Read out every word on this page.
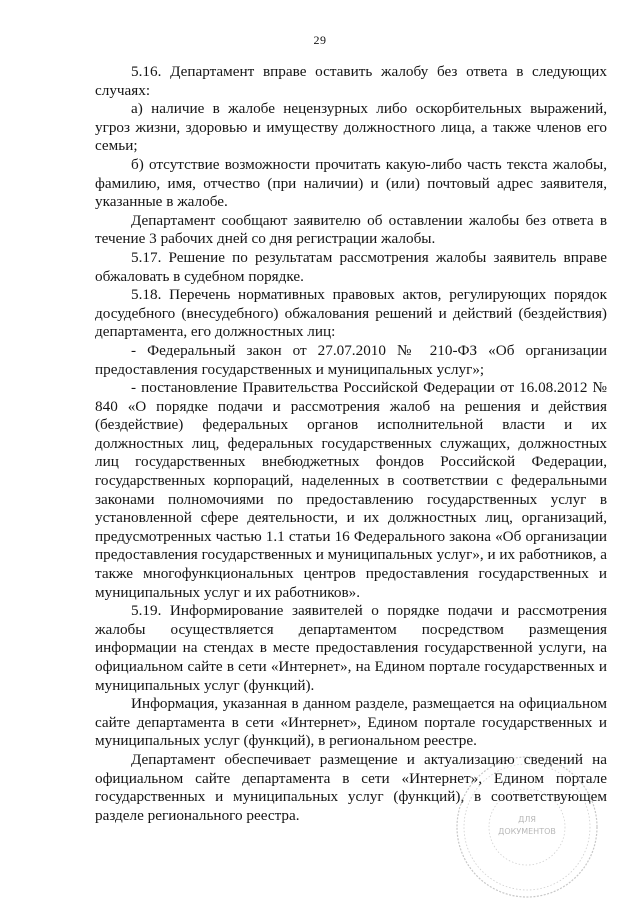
29

5.16. Департамент вправе оставить жалобу без ответа в следующих случаях:

а) наличие в жалобе нецензурных либо оскорбительных выражений, угроз жизни, здоровью и имуществу должностного лица, а также членов его семьи;

б) отсутствие возможности прочитать какую-либо часть текста жалобы, фамилию, имя, отчество (при наличии) и (или) почтовый адрес заявителя, указанные в жалобе.

Департамент сообщают заявителю об оставлении жалобы без ответа в течение 3 рабочих дней со дня регистрации жалобы.

5.17. Решение по результатам рассмотрения жалобы заявитель вправе обжаловать в судебном порядке.

5.18. Перечень нормативных правовых актов, регулирующих порядок досудебного (внесудебного) обжалования решений и действий (бездействия) департамента, его должностных лиц:

- Федеральный закон от 27.07.2010 № 210-ФЗ «Об организации предоставления государственных и муниципальных услуг»;

- постановление Правительства Российской Федерации от 16.08.2012 № 840 «О порядке подачи и рассмотрения жалоб на решения и действия (бездействие) федеральных органов исполнительной власти и их должностных лиц, федеральных государственных служащих, должностных лиц государственных внебюджетных фондов Российской Федерации, государственных корпораций, наделенных в соответствии с федеральными законами полномочиями по предоставлению государственных услуг в установленной сфере деятельности, и их должностных лиц, организаций, предусмотренных частью 1.1 статьи 16 Федерального закона «Об организации предоставления государственных и муниципальных услуг», и их работников, а также многофункциональных центров предоставления государственных и муниципальных услуг и их работников».

5.19. Информирование заявителей о порядке подачи и рассмотрения жалобы осуществляется департаментом посредством размещения информации на стендах в месте предоставления государственной услуги, на официальном сайте в сети «Интернет», на Едином портале государственных и муниципальных услуг (функций).

Информация, указанная в данном разделе, размещается на официальном сайте департамента в сети «Интернет», Едином портале государственных и муниципальных услуг (функций), в региональном реестре.

Департамент обеспечивает размещение и актуализацию сведений на официальном сайте департамента в сети «Интернет», Едином портале государственных и муниципальных услуг (функций), в соответствующем разделе регионального реестра.	ДЛЯ
ДОКУМЕНТОВ
